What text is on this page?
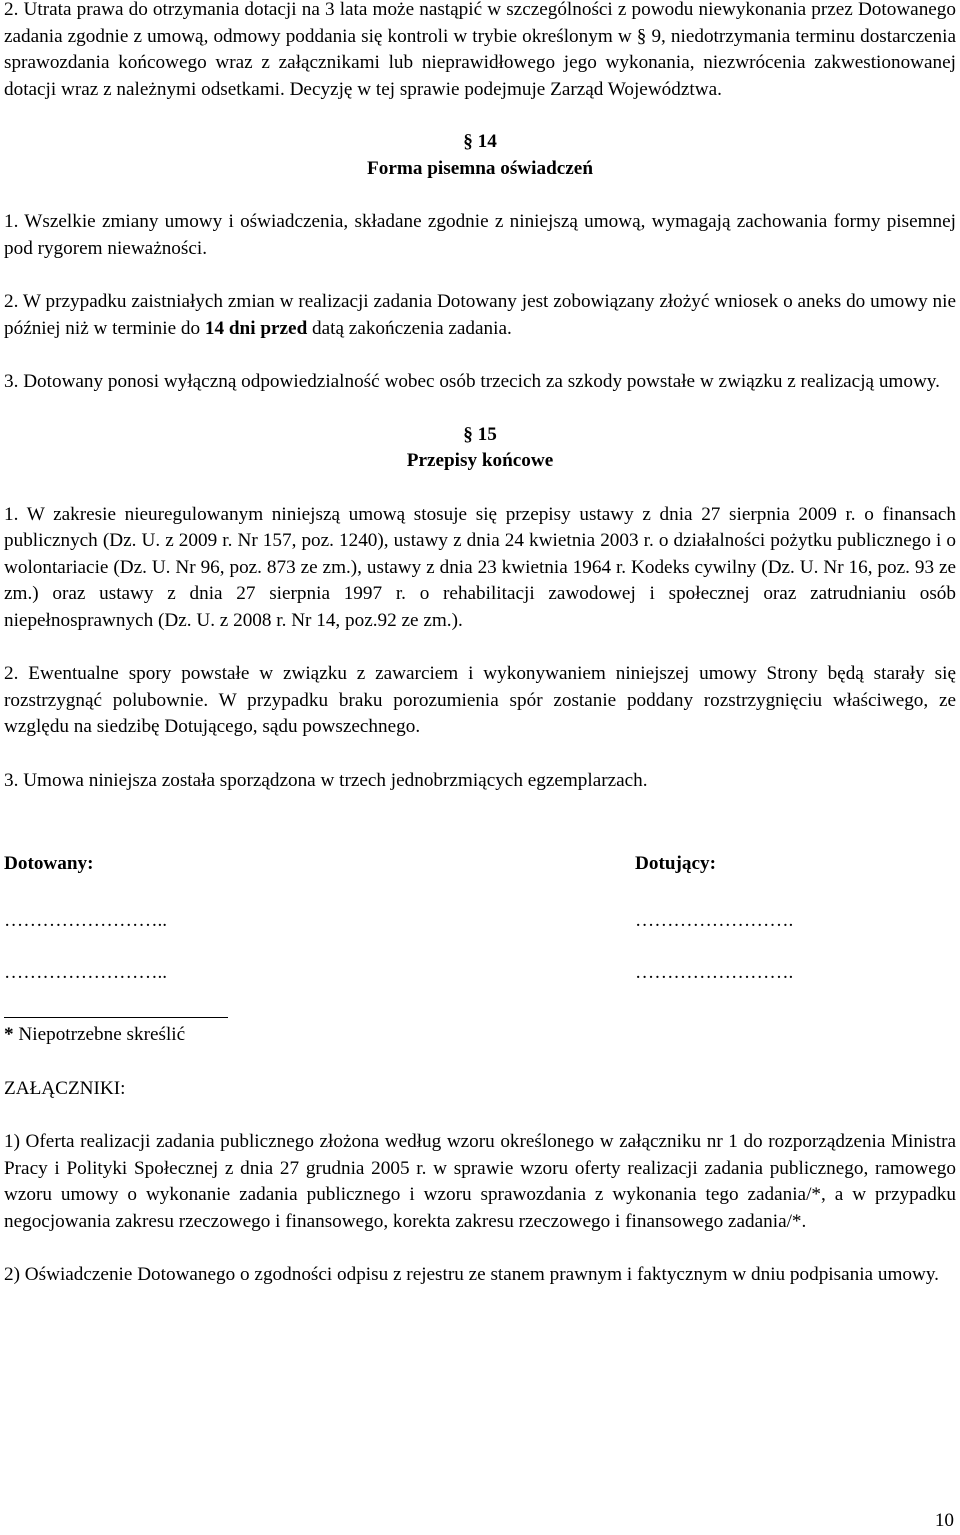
2. Utrata prawa do otrzymania dotacji na 3 lata może nastąpić w szczególności z powodu niewykonania przez Dotowanego zadania zgodnie z umową, odmowy poddania się kontroli w trybie określonym w § 9, niedotrzymania terminu dostarczenia sprawozdania końcowego wraz z załącznikami lub nieprawidłowego jego wykonania, niezwrócenia zakwestionowanej dotacji wraz z należnymi odsetkami. Decyzję w tej sprawie podejmuje Zarząd Województwa.

§ 14

Forma pisemna oświadczeń

1. Wszelkie zmiany umowy i oświadczenia, składane zgodnie z niniejszą umową, wymagają zachowania formy pisemnej pod rygorem nieważności.

2. W przypadku zaistniałych zmian w realizacji zadania Dotowany jest zobowiązany złożyć wniosek o aneks do umowy nie później niż w terminie do 14 dni przed datą zakończenia zadania.

3. Dotowany ponosi wyłączną odpowiedzialność wobec osób trzecich za szkody powstałe w związku z realizacją umowy.

§ 15

Przepisy końcowe

1. W zakresie nieuregulowanym niniejszą umową stosuje się przepisy ustawy z dnia 27 sierpnia 2009 r. o finansach publicznych (Dz. U. z 2009 r. Nr 157, poz. 1240), ustawy z dnia 24 kwietnia 2003 r. o działalności pożytku publicznego i o wolontariacie (Dz. U. Nr 96, poz. 873 ze zm.), ustawy z dnia 23 kwietnia 1964 r. Kodeks cywilny (Dz. U. Nr 16, poz. 93 ze zm.) oraz ustawy z dnia 27 sierpnia 1997 r. o rehabilitacji zawodowej i społecznej oraz zatrudnianiu osób niepełnosprawnych (Dz. U. z 2008 r. Nr 14, poz.92 ze zm.).

2. Ewentualne spory powstałe w związku z zawarciem i wykonywaniem niniejszej umowy Strony będą starały się rozstrzygnąć polubownie. W przypadku braku porozumienia spór zostanie poddany rozstrzygnięciu właściwego, ze względu na siedzibę Dotującego, sądu powszechnego.

3. Umowa niniejsza została sporządzona w trzech jednobrzmiących egzemplarzach.

Dotowany:	Dotujący:
……………………..	…………………….
……………………..	…………………….

* Niepotrzebne skreślić

ZAŁĄCZNIKI:

1) Oferta realizacji zadania publicznego złożona według wzoru określonego w załączniku nr 1 do rozporządzenia Ministra Pracy i Polityki Społecznej z dnia 27 grudnia 2005 r. w sprawie wzoru oferty realizacji zadania publicznego, ramowego wzoru umowy o wykonanie zadania publicznego i wzoru sprawozdania z wykonania tego zadania/*, a w przypadku negocjowania zakresu rzeczowego i finansowego, korekta zakresu rzeczowego i finansowego zadania/*.

2) Oświadczenie Dotowanego o zgodności odpisu z rejestru ze stanem prawnym i faktycznym w dniu podpisania umowy.

10
